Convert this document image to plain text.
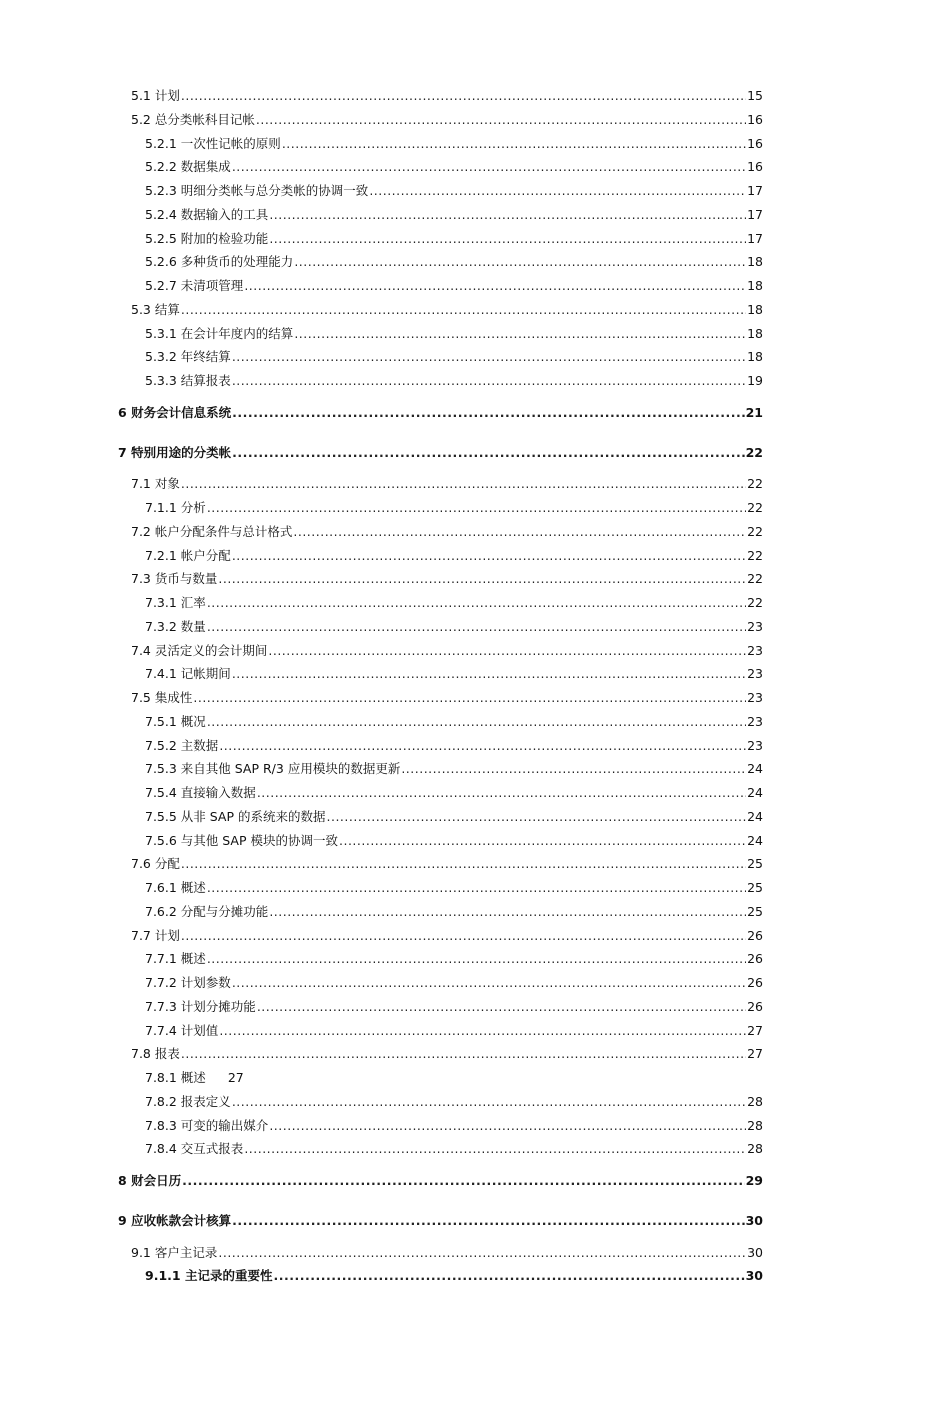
5.1 计划 .....	15
5.2 总分类帐科目记帐 .....	16
5.2.1 一次性记帐的原则 .....	16
5.2.2 数据集成 .....	16
5.2.3 明细分类帐与总分类帐的协调一致 .....	17
5.2.4 数据输入的工具 .....	17
5.2.5 附加的检验功能 .....	17
5.2.6 多种货币的处理能力 .....	18
5.2.7 未清项管理 .....	18
5.3 结算 .....	18
5.3.1 在会计年度内的结算 .....	18
5.3.2 年终结算 .....	18
5.3.3 结算报表 .....	19
6 财务会计信息系统 .....	21
7 特别用途的分类帐 .....	22
7.1 对象 .....	22
7.1.1 分析 .....	22
7.2 帐户分配条件与总计格式 .....	22
7.2.1 帐户分配 .....	22
7.3 货币与数量 .....	22
7.3.1 汇率 .....	22
7.3.2 数量 .....	23
7.4 灵活定义的会计期间 .....	23
7.4.1 记帐期间 .....	23
7.5 集成性 .....	23
7.5.1 概况 .....	23
7.5.2 主数据 .....	23
7.5.3 来自其他 SAP R/3 应用模块的数据更新 .....	24
7.5.4 直接输入数据 .....	24
7.5.5 从非 SAP 的系统来的数据 .....	24
7.5.6 与其他 SAP 模块的协调一致 .....	24
7.6 分配 .....	25
7.6.1 概述 .....	25
7.6.2 分配与分摊功能 .....	25
7.7 计划 .....	26
7.7.1 概述 .....	26
7.7.2 计划参数 .....	26
7.7.3 计划分摊功能 .....	26
7.7.4 计划值 .....	27
7.8 报表 .....	27
7.8.1 概述 27
7.8.2 报表定义 .....	28
7.8.3 可变的输出媒介 .....	28
7.8.4 交互式报表 .....	28
8 财会日历 .....	29
9 应收帐款会计核算 .....	30
9.1 客户主记录 .....	30
9.1.1 主记录的重要性 .....	30
